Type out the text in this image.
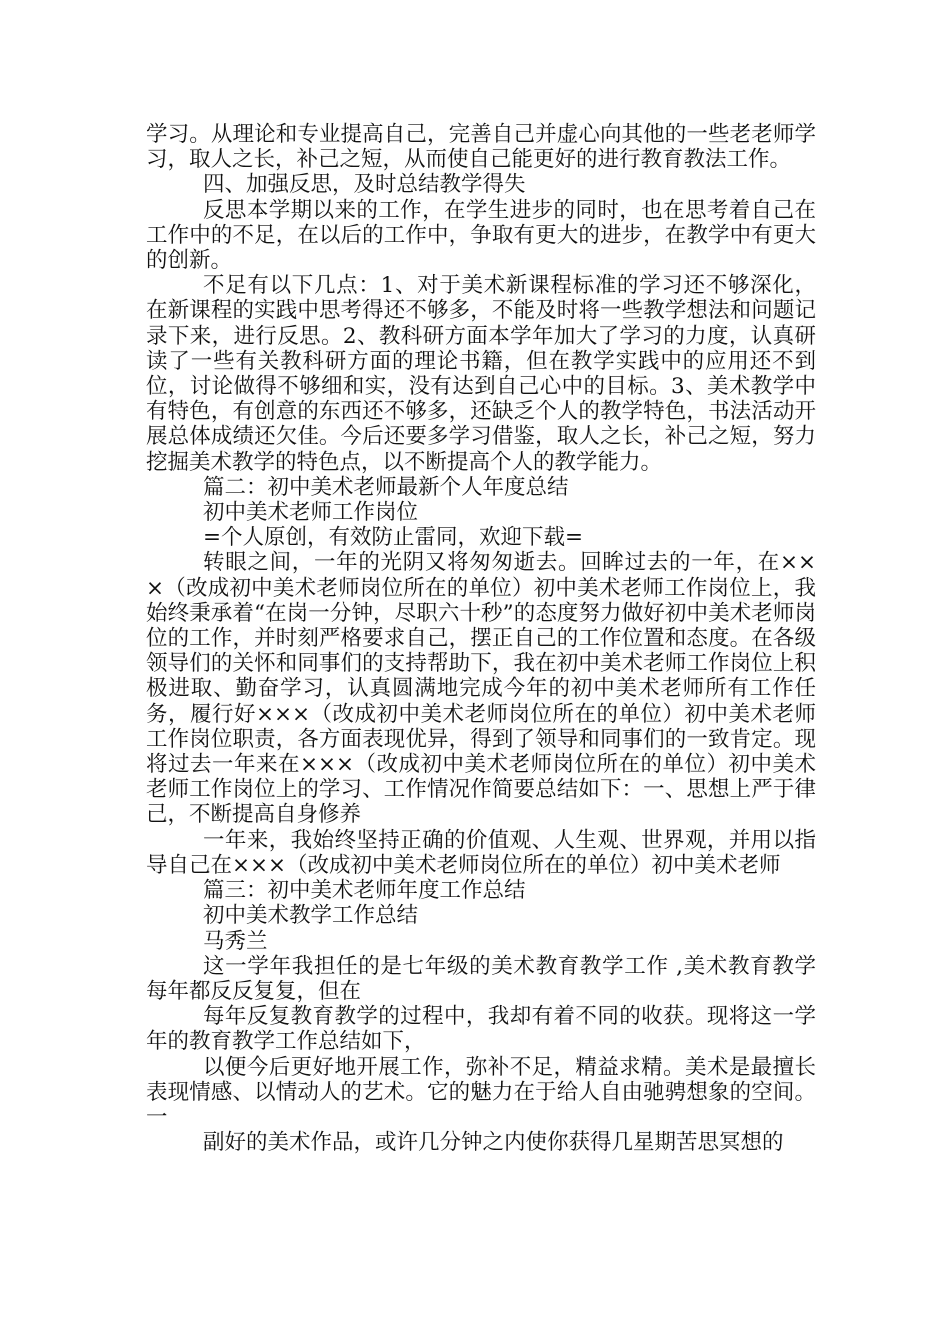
学习。从理论和专业提高自己，完善自己并虚心向其他的一些老老师学习，取人之长，补己之短，从而使自己能更好的进行教育教法工作。

四、加强反思，及时总结教学得失

反思本学期以来的工作，在学生进步的同时，也在思考着自己在工作中的不足，在以后的工作中，争取有更大的进步，在教学中有更大的创新。

不足有以下几点：1、对于美术新课程标准的学习还不够深化，在新课程的实践中思考得还不够多，不能及时将一些教学想法和问题记录下来，进行反思。2、教科研方面本学年加大了学习的力度，认真研读了一些有关教科研方面的理论书籍，但在教学实践中的应用还不到位，讨论做得不够细和实，没有达到自己心中的目标。3、美术教学中有特色，有创意的东西还不够多，还缺乏个人的教学特色，书法活动开展总体成绩还欠佳。今后还要多学习借鉴，取人之长，补己之短，努力挖掘美术教学的特色点，以不断提高个人的教学能力。

篇二：初中美术老师最新个人年度总结

初中美术老师工作岗位

=个人原创，有效防止雷同，欢迎下载=

转眼之间，一年的光阴又将匆匆逝去。回眸过去的一年，在×××（改成初中美术老师岗位所在的单位）初中美术老师工作岗位上，我始终秉承着“在岗一分钟，尽职六十秒”的态度努力做好初中美术老师岗位的工作，并时刻严格要求自己，摆正自己的工作位置和态度。在各级领导们的关怀和同事们的支持帮助下，我在初中美术老师工作岗位上积极进取、勤奋学习，认真圆满地完成今年的初中美术老师所有工作任务，履行好×××（改成初中美术老师岗位所在的单位）初中美术老师工作岗位职责，各方面表现优异，得到了领导和同事们的一致肯定。现将过去一年来在×××（改成初中美术老师岗位所在的单位）初中美术老师工作岗位上的学习、工作情况作简要总结如下：一、思想上严于律己，不断提高自身修养

一年来，我始终坚持正确的价值观、人生观、世界观，并用以指导自己在×××（改成初中美术老师岗位所在的单位）初中美术老师

篇三：初中美术老师年度工作总结

初中美术教学工作总结

马秀兰

这一学年我担任的是七年级的美术教育教学工作 ,美术教育教学每年都反反复复，但在

每年反复教育教学的过程中，我却有着不同的收获。现将这一学年的教育教学工作总结如下，

以便今后更好地开展工作，弥补不足，精益求精。美术是最擅长表现情感、以情动人的艺术。它的魅力在于给人自由驰骋想象的空间。一

副好的美术作品，或许几分钟之内使你获得几星期苦思冥想的
